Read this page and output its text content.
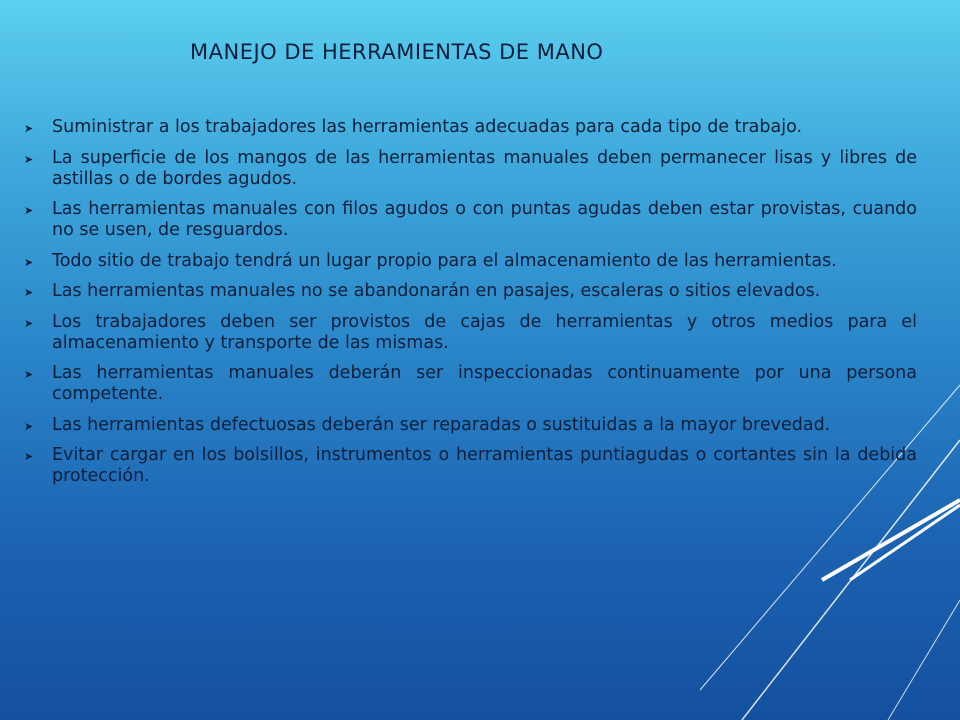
MANEJO DE HERRAMIENTAS DE MANO
➤ Suministrar a los trabajadores las herramientas adecuadas para cada tipo de trabajo.
➤ La superficie de los mangos de las herramientas manuales deben permanecer lisas y libres de astillas o de bordes agudos.
➤ Las herramientas manuales con filos agudos o con puntas agudas deben estar provistas, cuando no se usen, de resguardos.
➤ Todo sitio de trabajo tendrá un lugar propio para el almacenamiento de las herramientas.
➤ Las herramientas manuales no se abandonarán en pasajes, escaleras o sitios elevados.
➤ Los trabajadores deben ser provistos de cajas de herramientas y otros medios para el almacenamiento y transporte de las mismas.
➤ Las herramientas manuales deberán ser inspeccionadas continuamente por una persona competente.
➤ Las herramientas defectuosas deberán ser reparadas o sustituidas a la mayor brevedad.
➤ Evitar cargar en los bolsillos, instrumentos o herramientas puntiagudas o cortantes sin la debida protección.
